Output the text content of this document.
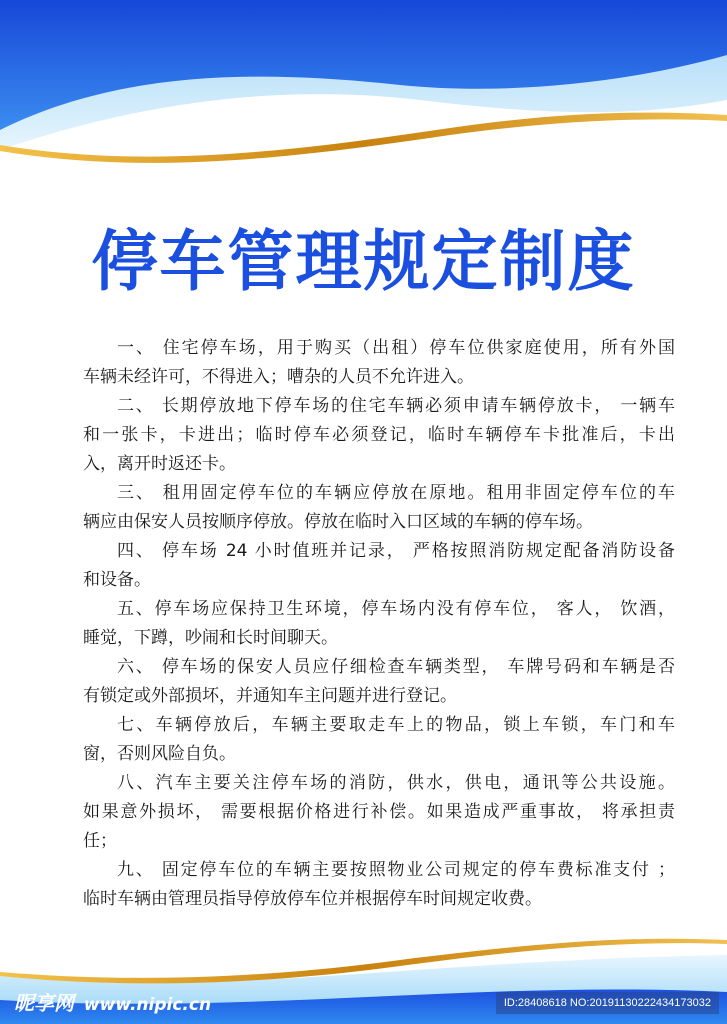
停车管理规定制度
一、 住宅停车场，用于购买（出租）停车位供家庭使用，所有外国
车辆未经许可，不得进入；嘈杂的人员不允许进入。
二、 长期停放地下停车场的住宅车辆必须申请车辆停放卡， 一辆车
和一张卡，卡进出；临时停车必须登记，临时车辆停车卡批准后，卡出
入，离开时返还卡。
三、 租用固定停车位的车辆应停放在原地。租用非固定停车位的车
辆应由保安人员按顺序停放。停放在临时入口区域的车辆的停车场。
四、 停车场 24 小时值班并记录， 严格按照消防规定配备消防设备
和设备。
五、停车场应保持卫生环境，停车场内没有停车位， 客人， 饮酒，
睡觉，下蹲，吵闹和长时间聊天。
六、 停车场的保安人员应仔细检查车辆类型， 车牌号码和车辆是否
有锁定或外部损坏，并通知车主问题并进行登记。
七、车辆停放后，车辆主要取走车上的物品，锁上车锁，车门和车
窗，否则风险自负。
八、汽车主要关注停车场的消防，供水，供电，通讯等公共设施。
如果意外损坏， 需要根据价格进行补偿。如果造成严重事故， 将承担责
任；
九、 固定停车位的车辆主要按照物业公司规定的停车费标准支付 ；
临时车辆由管理员指导停放停车位并根据停车时间规定收费。
昵享网 www.nipic.cn	ID:28408618 NO:20191130222434173032
